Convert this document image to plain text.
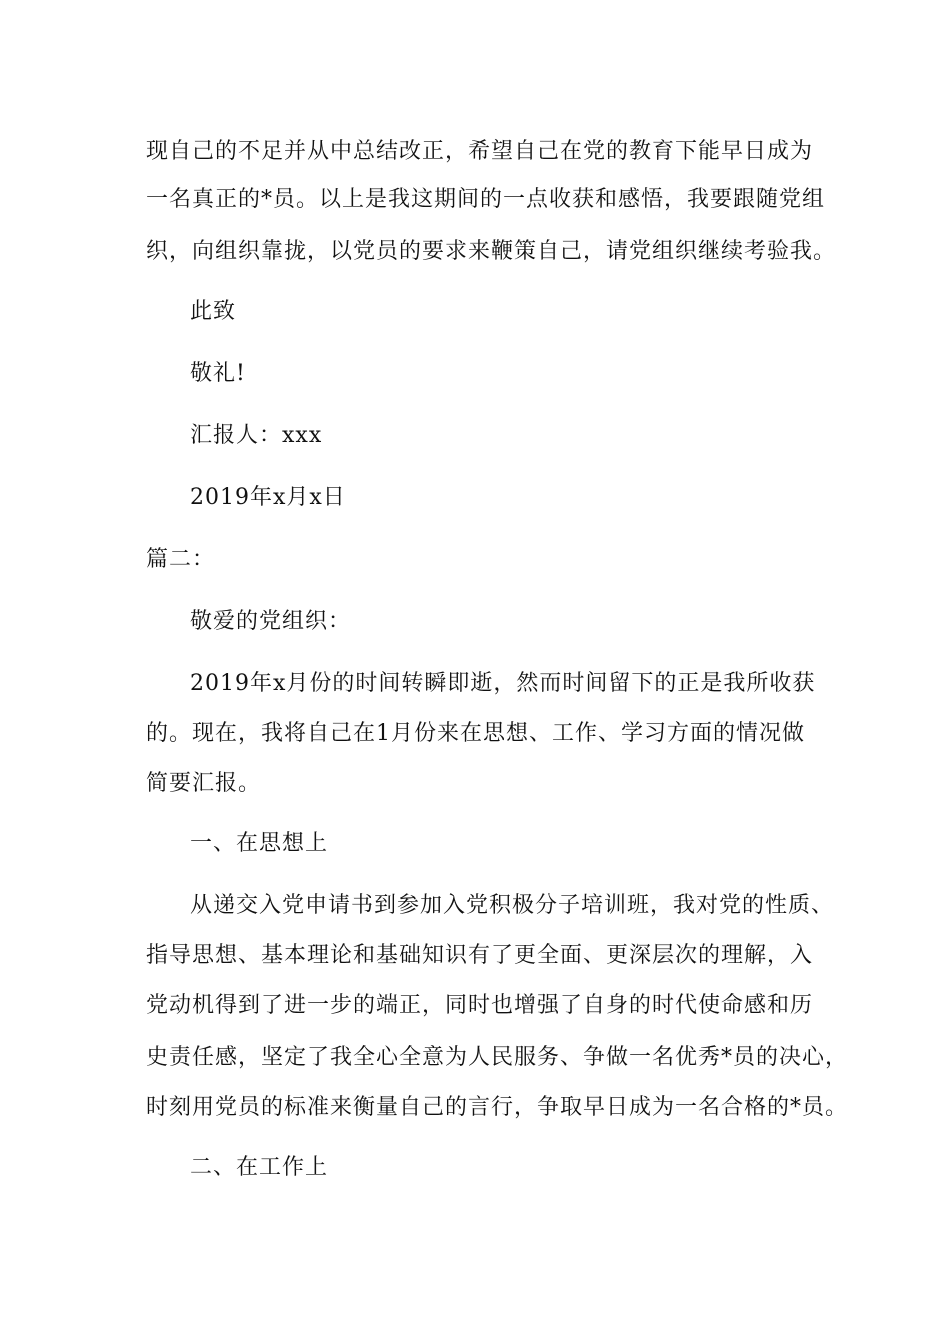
现自己的不足并从中总结改正，希望自己在党的教育下能早日成为
一名真正的*员。以上是我这期间的一点收获和感悟，我要跟随党组
织，向组织靠拢，以党员的要求来鞭策自己，请党组织继续考验我。
此致
敬礼!
汇报人：xxx
2019年x月x日
篇二：
敬爱的党组织：
2019年x月份的时间转瞬即逝，然而时间留下的正是我所收获
的。现在，我将自己在1月份来在思想、工作、学习方面的情况做
简要汇报。
一、在思想上
从递交入党申请书到参加入党积极分子培训班，我对党的性质、
指导思想、基本理论和基础知识有了更全面、更深层次的理解，入
党动机得到了进一步的端正，同时也增强了自身的时代使命感和历
史责任感，坚定了我全心全意为人民服务、争做一名优秀*员的决心，
时刻用党员的标准来衡量自己的言行，争取早日成为一名合格的*员。
二、在工作上
